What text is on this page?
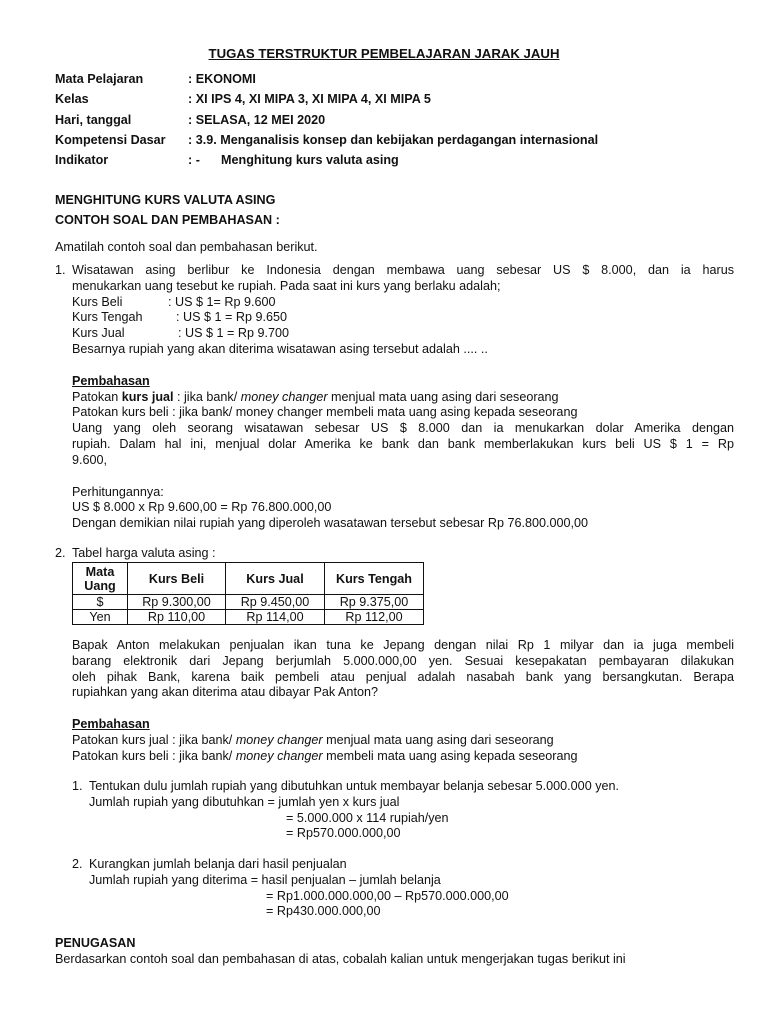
TUGAS TERSTRUKTUR PEMBELAJARAN JARAK JAUH
Mata Pelajaran	: EKONOMI
Kelas	: XI IPS 4, XI MIPA 3, XI MIPA 4, XI MIPA 5
Hari, tanggal	: SELASA, 12 MEI 2020
Kompetensi Dasar	: 3.9. Menganalisis konsep dan kebijakan perdagangan internasional
Indikator	: -	Menghitung kurs valuta asing
MENGHITUNG KURS VALUTA ASING
CONTOH SOAL DAN PEMBAHASAN :
Amatilah contoh soal dan pembahasan berikut.
1. Wisatawan asing berlibur ke Indonesia dengan membawa uang sebesar US $ 8.000, dan ia harus
menukarkan uang tesebut ke rupiah. Pada saat ini kurs yang berlaku adalah;
Kurs Beli	: US $ 1= Rp 9.600
Kurs Tengah	: US $ 1 = Rp 9.650
Kurs Jual	: US $ 1 = Rp 9.700
Besarnya rupiah yang akan diterima wisatawan asing tersebut adalah .... ..
Pembahasan
Patokan kurs jual : jika bank/ money changer menjual mata uang asing dari seseorang
Patokan kurs beli : jika bank/ money changer membeli mata uang asing kepada seseorang
Uang yang oleh seorang wisatawan sebesar US $ 8.000 dan ia menukarkan dolar Amerika dengan
rupiah. Dalam hal ini, menjual dolar Amerika ke bank dan bank memberlakukan kurs beli US $ 1 = Rp
9.600,
Perhitungannya:
US $ 8.000 x Rp 9.600,00 = Rp 76.800.000,00
Dengan demikian nilai rupiah yang diperoleh wasatawan tersebut sebesar Rp 76.800.000,00
2. Tabel harga valuta asing :
Mata Uang	Kurs Beli	Kurs Jual	Kurs Tengah
$	Rp 9.300,00	Rp 9.450,00	Rp 9.375,00
Yen	Rp 110,00	Rp 114,00	Rp 112,00
Bapak Anton melakukan penjualan ikan tuna ke Jepang dengan nilai Rp 1 milyar dan ia juga membeli
barang elektronik dari Jepang berjumlah 5.000.000,00 yen. Sesuai kesepakatan pembayaran dilakukan
oleh pihak Bank, karena baik pembeli atau penjual adalah nasabah bank yang bersangkutan. Berapa
rupiahkan yang akan diterima atau dibayar Pak Anton?
Pembahasan
Patokan kurs jual : jika bank/ money changer menjual mata uang asing dari seseorang
Patokan kurs beli : jika bank/ money changer membeli mata uang asing kepada seseorang
1. Tentukan dulu jumlah rupiah yang dibutuhkan untuk membayar belanja sebesar 5.000.000 yen.
Jumlah rupiah yang dibutuhkan = jumlah yen x kurs jual
= 5.000.000 x 114 rupiah/yen
= Rp570.000.000,00
2. Kurangkan jumlah belanja dari hasil penjualan
Jumlah rupiah yang diterima = hasil penjualan – jumlah belanja
= Rp1.000.000.000,00 – Rp570.000.000,00
= Rp430.000.000,00
PENUGASAN
Berdasarkan contoh soal dan pembahasan di atas, cobalah kalian untuk mengerjakan tugas berikut ini
